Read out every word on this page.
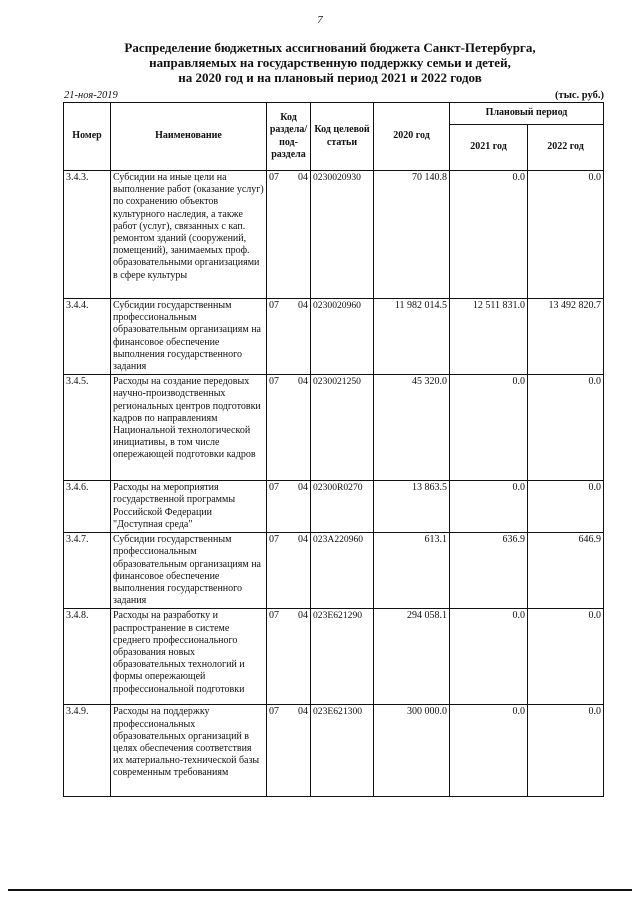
7
Распределение бюджетных ассигнований бюджета Санкт-Петербурга,
направляемых на государственную поддержку семьи и детей,
на 2020 год и на плановый период 2021 и 2022 годов
21-ноя-2019	(тыс. руб.)
Номер	Наименование	Код раздела/ под-раздела		Код целевой статьи	2020 год	Плановый период	
						2021 год	2022 год
3.4.3.	Субсидии на иные цели на выполнение работ (оказание услуг) по сохранению объектов культурного наследия, а также работ (услуг), связанных с кап. ремонтом зданий (сооружений, помещений), занимаемых проф. образовательными организациями в сфере культуры	07	04	0230020930	70 140.8	0.0	0.0
3.4.4.	Субсидии государственным профессиональным образовательным организациям на финансовое обеспечение выполнения государственного задания	07	04	0230020960	11 982 014.5	12 511 831.0	13 492 820.7
3.4.5.	Расходы на создание передовых научно-производственных региональных центров подготовки кадров по направлениям Национальной технологической инициативы, в том числе опережающей подготовки кадров	07	04	0230021250	45 320.0	0.0	0.0
3.4.6.	Расходы на мероприятия государственной программы Российской Федерации "Доступная среда"	07	04	02300R0270	13 863.5	0.0	0.0
3.4.7.	Субсидии государственным профессиональным образовательным организациям на финансовое обеспечение выполнения государственного задания	07	04	023A220960	613.1	636.9	646.9
3.4.8.	Расходы на разработку и распространение в системе среднего профессионального образования новых образовательных технологий и формы опережающей профессиональной подготовки	07	04	023E621290	294 058.1	0.0	0.0
3.4.9.	Расходы на поддержку профессиональных образовательных организаций в целях обеспечения соответствия их материально-технической базы современным требованиям	07	04	023E621300	300 000.0	0.0	0.0
